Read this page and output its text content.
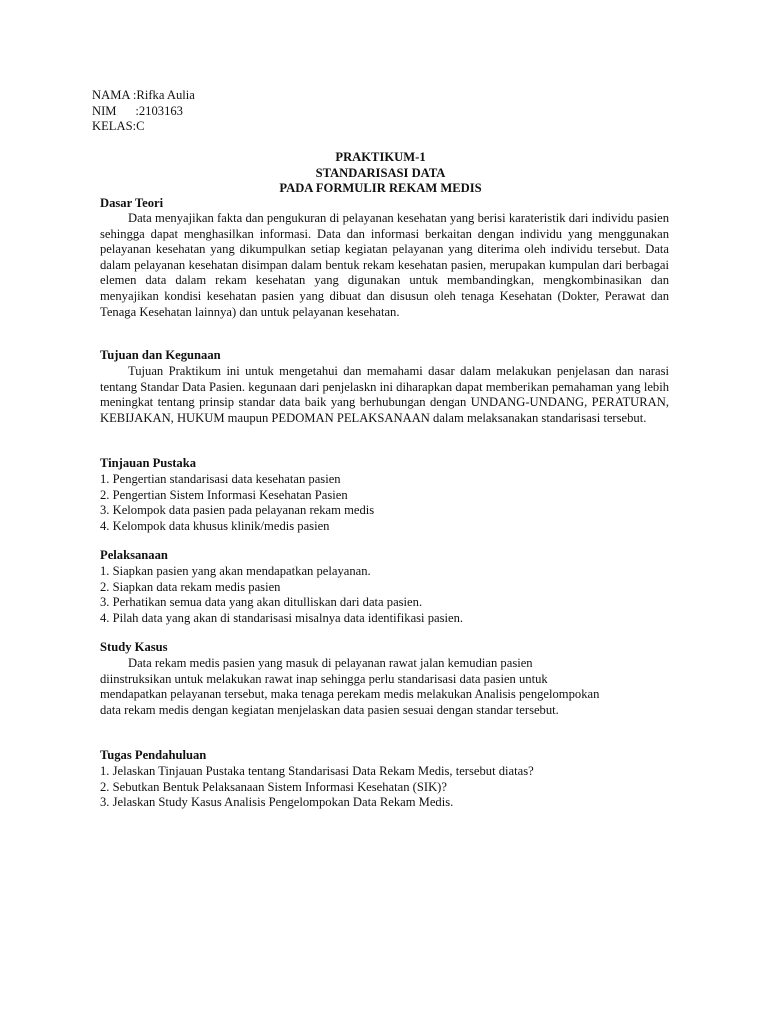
NAMA :Rifka Aulia
NIM      :2103163
KELAS:C
PRAKTIKUM-1
STANDARISASI DATA
PADA FORMULIR REKAM MEDIS
Dasar Teori
Data menyajikan fakta dan pengukuran di pelayanan kesehatan yang berisi karateristik dari individu pasien sehingga dapat menghasilkan informasi. Data dan informasi berkaitan dengan individu yang menggunakan pelayanan kesehatan yang dikumpulkan setiap kegiatan pelayanan yang diterima oleh individu tersebut. Data dalam pelayanan kesehatan disimpan dalam bentuk rekam kesehatan pasien, merupakan kumpulan dari berbagai elemen data dalam rekam kesehatan yang digunakan untuk membandingkan, mengkombinasikan dan menyajikan kondisi kesehatan pasien yang dibuat dan disusun oleh tenaga Kesehatan (Dokter, Perawat dan Tenaga Kesehatan lainnya) dan untuk pelayanan kesehatan.
Tujuan dan Kegunaan
Tujuan Praktikum ini untuk mengetahui dan memahami dasar dalam melakukan penjelasan dan narasi tentang Standar Data Pasien. kegunaan dari penjelaskn ini diharapkan dapat memberikan pemahaman yang lebih meningkat tentang prinsip standar data baik yang berhubungan dengan UNDANG-UNDANG, PERATURAN, KEBIJAKAN, HUKUM maupun PEDOMAN PELAKSANAAN dalam melaksanakan standarisasi tersebut.
Tinjauan Pustaka
1. Pengertian standarisasi data kesehatan pasien
2. Pengertian Sistem Informasi Kesehatan Pasien
3. Kelompok data pasien pada pelayanan rekam medis
4. Kelompok data khusus klinik/medis pasien
Pelaksanaan
1. Siapkan pasien yang akan mendapatkan pelayanan.
2. Siapkan data rekam medis pasien
3. Perhatikan semua data yang akan ditulliskan dari data pasien.
4. Pilah data yang akan di standarisasi misalnya data identifikasi pasien.
Study Kasus
Data rekam medis pasien yang masuk di pelayanan rawat jalan kemudian pasien diinstruksikan untuk melakukan rawat inap sehingga perlu standarisasi data pasien untuk mendapatkan pelayanan tersebut, maka tenaga perekam medis melakukan Analisis pengelompokan data rekam medis dengan kegiatan menjelaskan data pasien sesuai dengan standar tersebut.
Tugas Pendahuluan
1. Jelaskan Tinjauan Pustaka tentang Standarisasi Data Rekam Medis, tersebut diatas?
2. Sebutkan Bentuk Pelaksanaan Sistem Informasi Kesehatan (SIK)?
3. Jelaskan Study Kasus Analisis Pengelompokan Data Rekam Medis.
